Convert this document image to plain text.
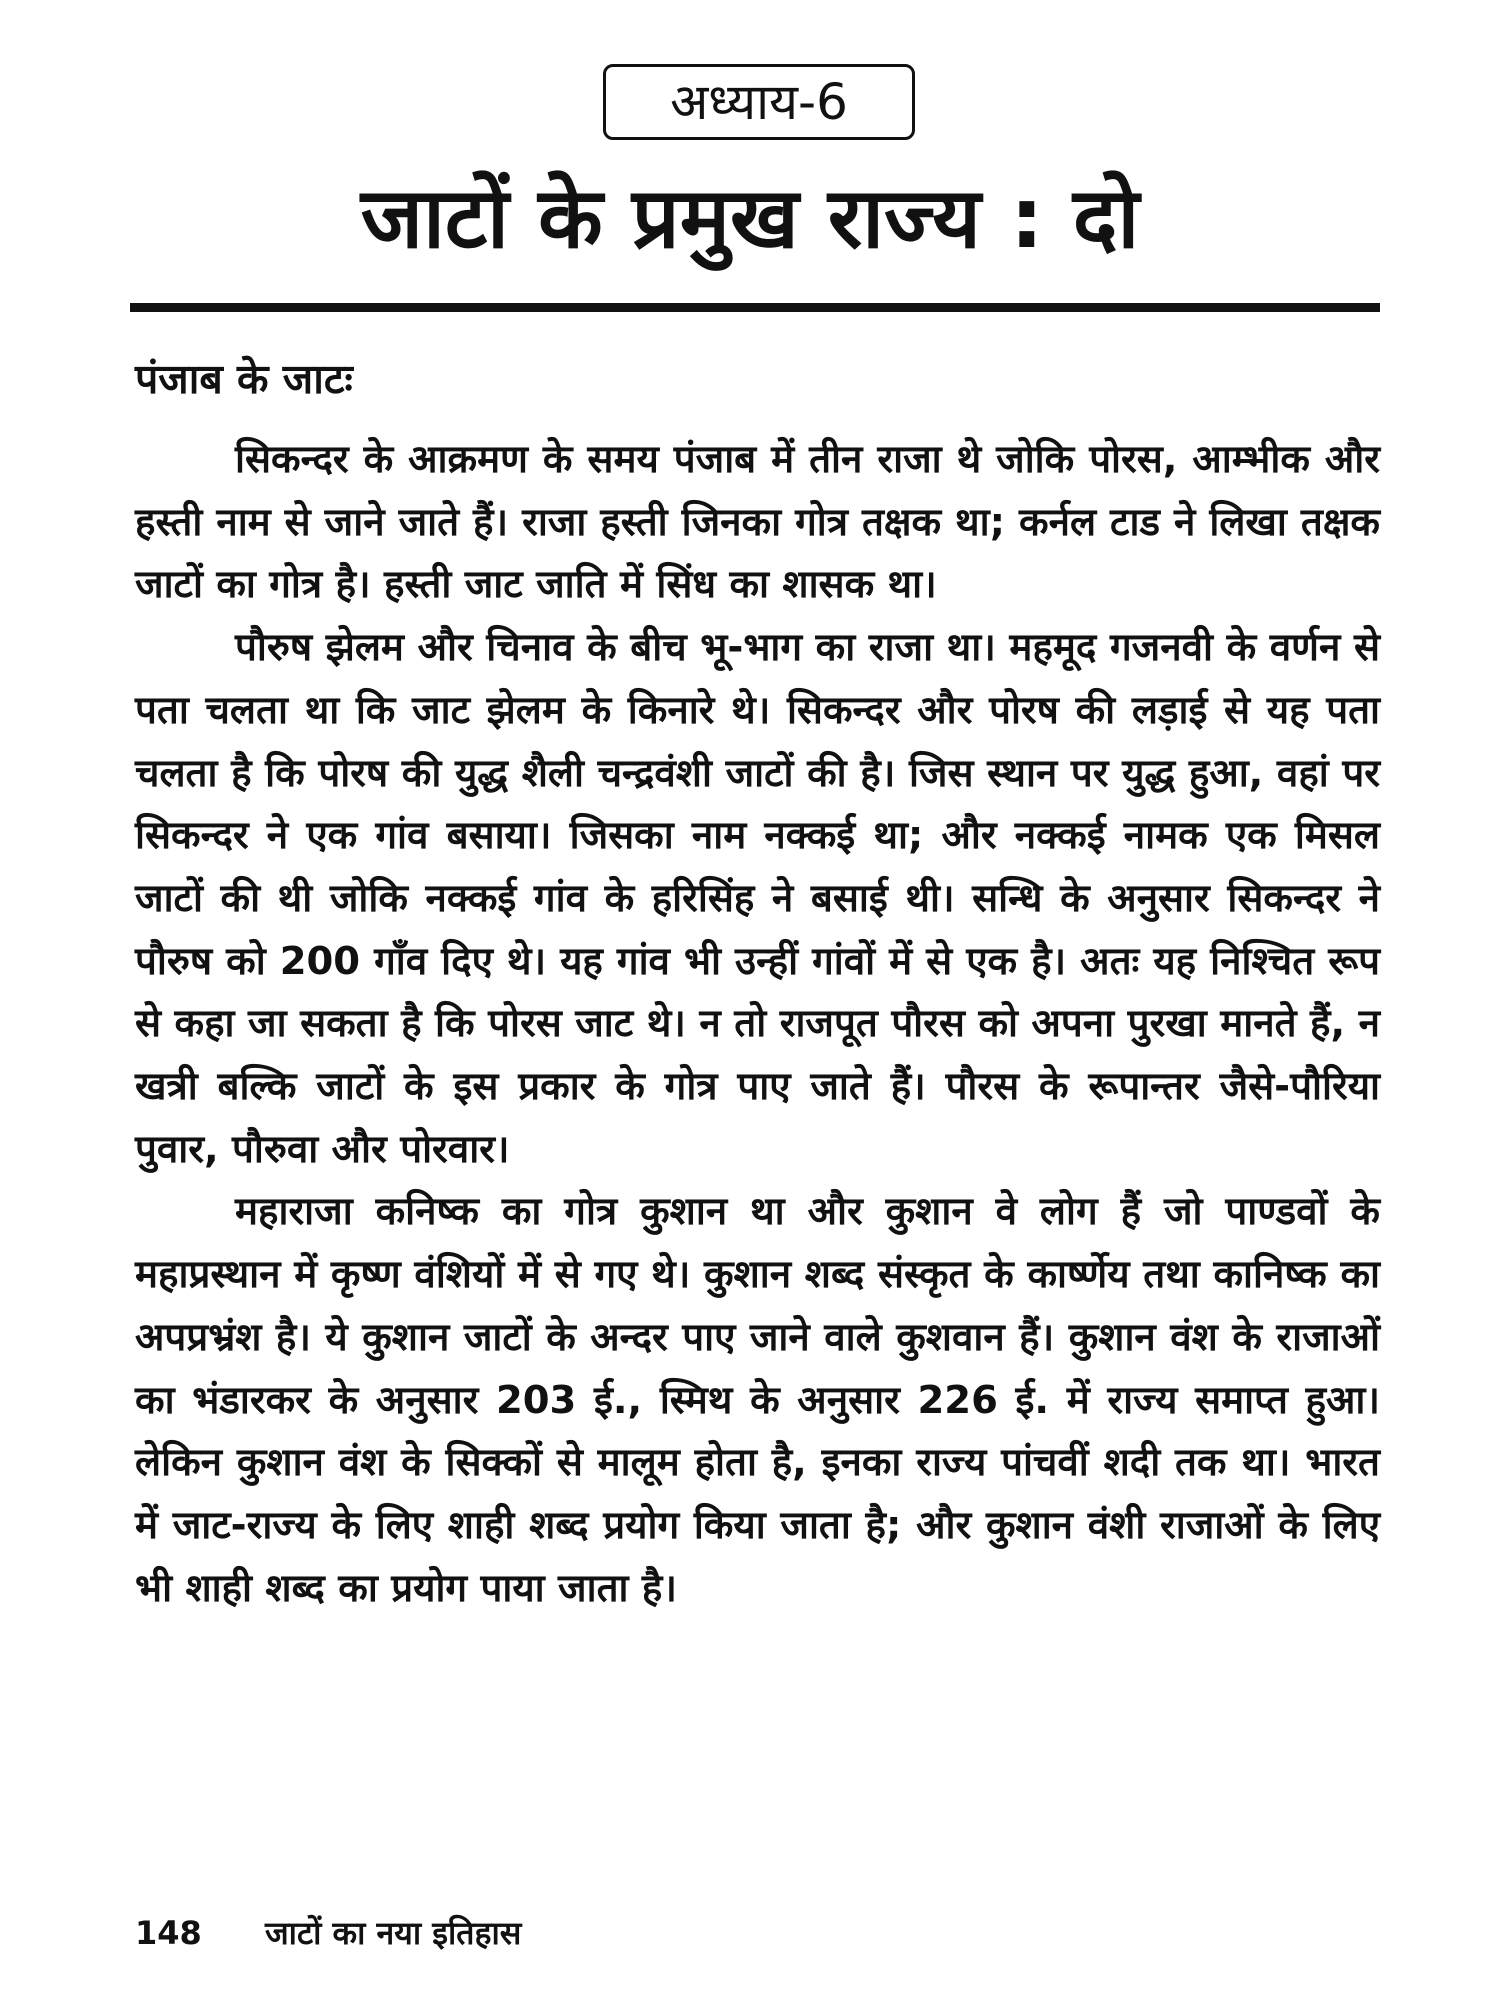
अध्याय-6
जाटों के प्रमुख राज्य : दो
पंजाब के जाटः

सिकन्दर के आक्रमण के समय पंजाब में तीन राजा थे जोकि पोरस, आम्भीक और हस्ती नाम से जाने जाते हैं। राजा हस्ती जिनका गोत्र तक्षक था; कर्नल टाड ने लिखा तक्षक जाटों का गोत्र है। हस्ती जाट जाति में सिंध का शासक था।

पौरुष झेलम और चिनाव के बीच भू-भाग का राजा था। महमूद गजनवी के वर्णन से पता चलता था कि जाट झेलम के किनारे थे। सिकन्दर और पोरष की लड़ाई से यह पता चलता है कि पोरष की युद्ध शैली चन्द्रवंशी जाटों की है। जिस स्थान पर युद्ध हुआ, वहां पर सिकन्दर ने एक गांव बसाया। जिसका नाम नक्कई था; और नक्कई नामक एक मिसल जाटों की थी जोकि नक्कई गांव के हरिसिंह ने बसाई थी। सन्धि के अनुसार सिकन्दर ने पौरुष को 200 गाँव दिए थे। यह गांव भी उन्हीं गांवों में से एक है। अतः यह निश्चित रूप से कहा जा सकता है कि पोरस जाट थे। न तो राजपूत पौरस को अपना पुरखा मानते हैं, न खत्री बल्कि जाटों के इस प्रकार के गोत्र पाए जाते हैं। पौरस के रूपान्तर जैसे-पौरिया पुवार, पौरुवा और पोरवार।

महाराजा कनिष्क का गोत्र कुशान था और कुशान वे लोग हैं जो पाण्डवों के महाप्रस्थान में कृष्ण वंशियों में से गए थे। कुशान शब्द संस्कृत के कार्ष्णेय तथा कानिष्क का अपप्रभ्रंश है। ये कुशान जाटों के अन्दर पाए जाने वाले कुशवान हैं। कुशान वंश के राजाओं का भंडारकर के अनुसार 203 ई., स्मिथ के अनुसार 226 ई. में राज्य समाप्त हुआ। लेकिन कुशान वंश के सिक्कों से मालूम होता है, इनका राज्य पांचवीं शदी तक था। भारत में जाट-राज्य के लिए शाही शब्द प्रयोग किया जाता है; और कुशान वंशी राजाओं के लिए भी शाही शब्द का प्रयोग पाया जाता है।

148 जाटों का नया इतिहास
